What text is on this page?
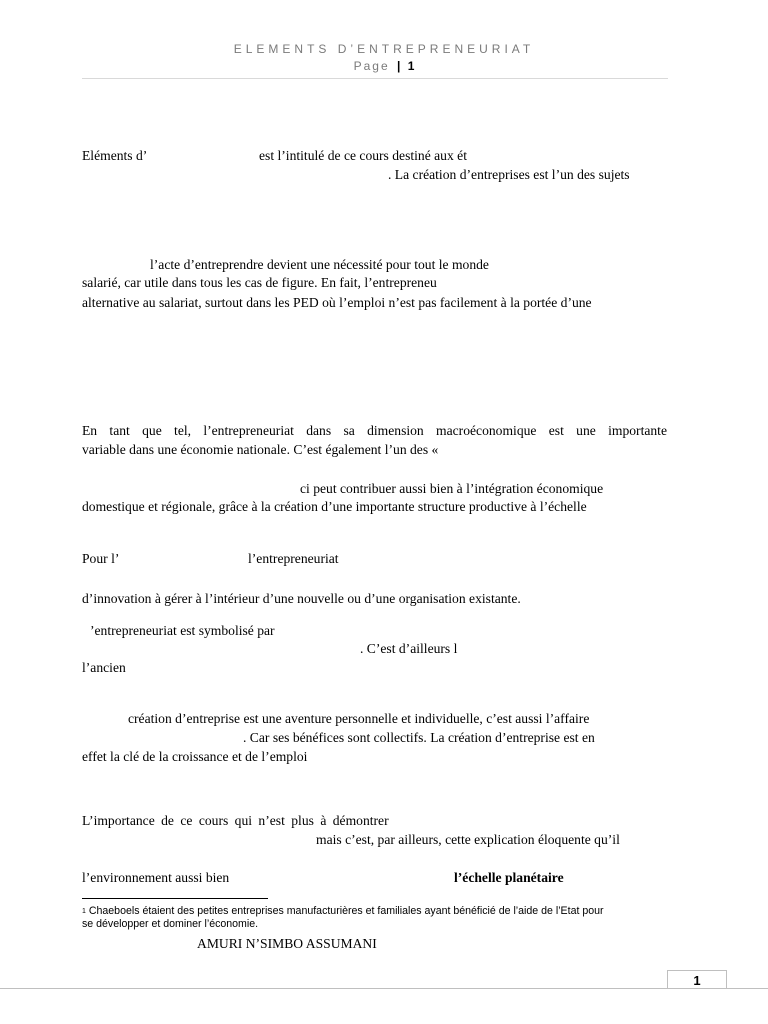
ELEMENTS D’ENTREPRENEURIAT
Page | 1
Eléments d’	est l’intitulé de ce cours destiné aux ét
. La création d’entreprises est l’un des sujets
l’acte d’entreprendre devient une nécessité pour tout le monde
salarié, car utile dans tous les cas de figure. En fait, l’entrepreneu
alternative au salariat, surtout dans les PED où l’emploi n’est pas facilement à la portée d’une
En tant que tel, l’entrepreneuriat dans sa dimension macroéconomique est une importante
variable dans une économie nationale. C’est également l’un des «
ci peut contribuer aussi bien à l’intégration économique
domestique et régionale, grâce à la création d’une importante structure productive à l’échelle
Pour l’	l’entrepreneuriat
d’innovation à gérer à l’intérieur d’une nouvelle ou d’une organisation existante.
’entrepreneuriat est symbolisé par
. C’est d’ailleurs l
l’ancien
création d’entreprise est une aventure personnelle et individuelle, c’est aussi l’affaire
. Car ses bénéfices sont collectifs. La création d’entreprise est en
effet la clé de la croissance et de l’emploi
L’importance de ce cours qui n’est plus à démontrer
mais c’est, par ailleurs, cette explication éloquente qu’il
l’environnement aussi bien	l’échelle planétaire
$^1$ Chaeboels étaient des petites entreprises manufacturières et familiales ayant bénéficié de l’aide de l’Etat pour
se développer et dominer l’économie.
AMURI N’SIMBO ASSUMANI
1
